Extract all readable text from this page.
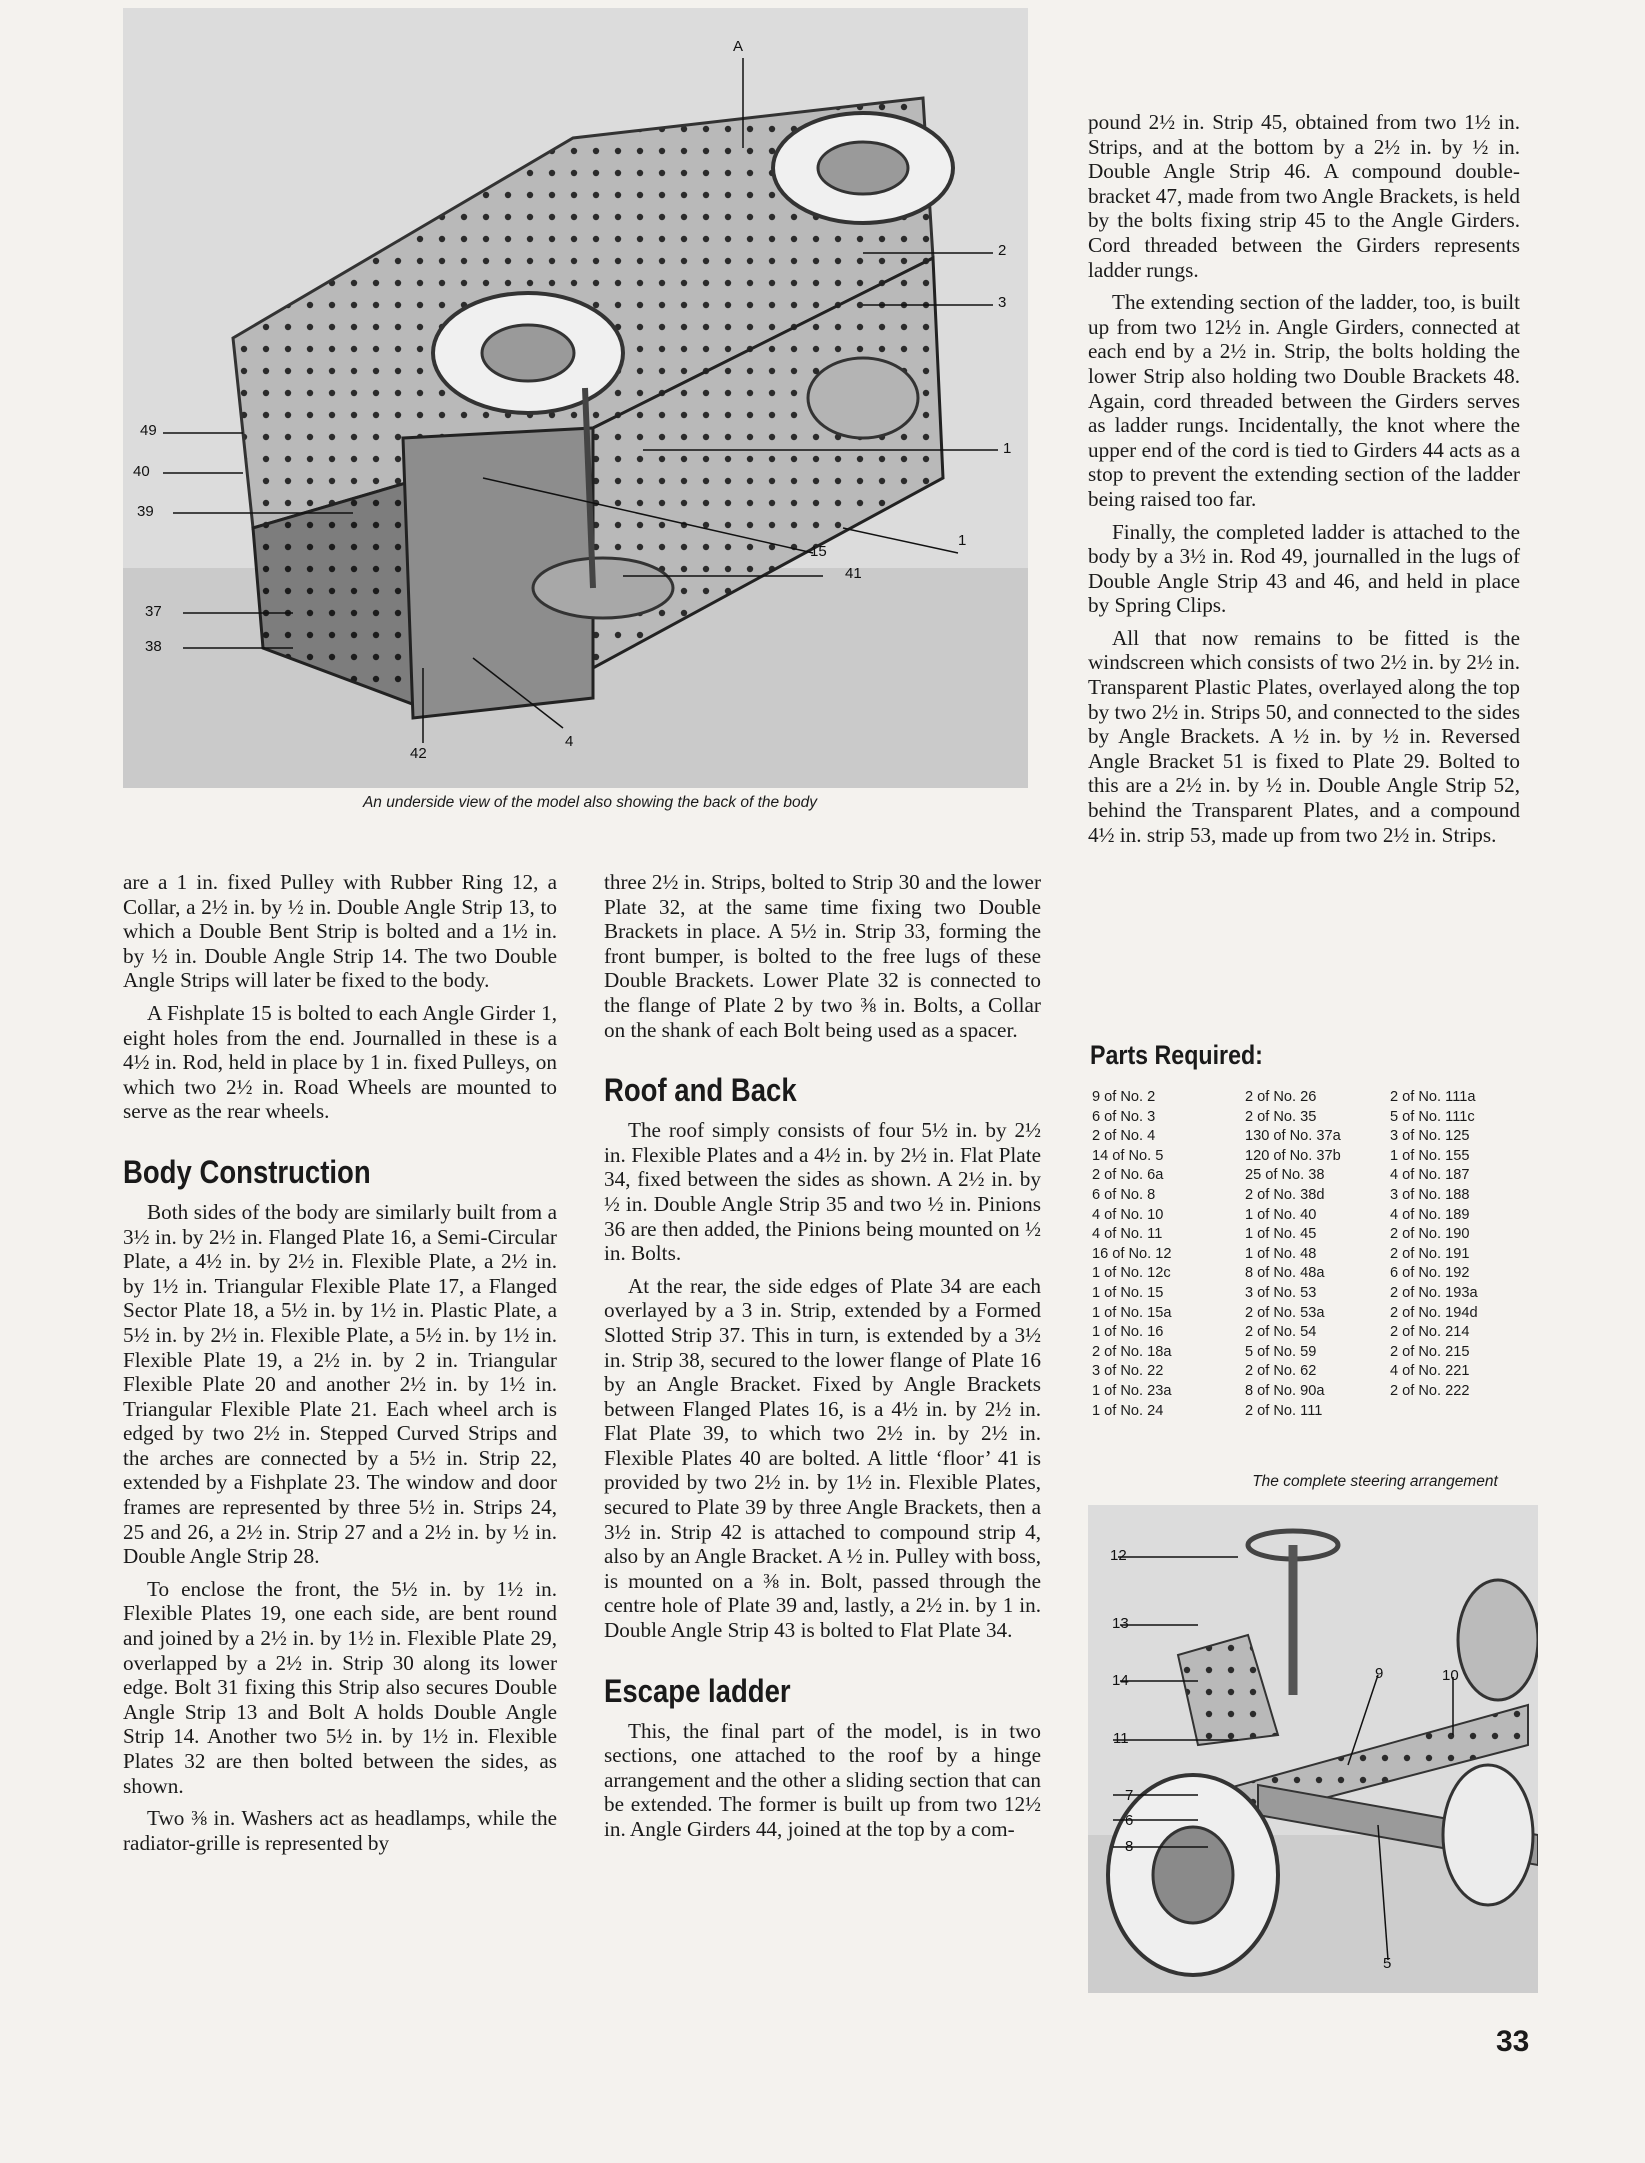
A
2
3
1
1
15
41
49
40
39
37
38
42
4
An underside view of the model also showing the back of the body

are a 1 in. fixed Pulley with Rubber Ring 12, a Collar, a 2½ in. by ½ in. Double Angle Strip 13, to which a Double Bent Strip is bolted and a 1½ in. by ½ in. Double Angle Strip 14. The two Double Angle Strips will later be fixed to the body.

A Fishplate 15 is bolted to each Angle Girder 1, eight holes from the end. Journalled in these is a 4½ in. Rod, held in place by 1 in. fixed Pulleys, on which two 2½ in. Road Wheels are mounted to serve as the rear wheels.

Body Construction

Both sides of the body are similarly built from a 3½ in. by 2½ in. Flanged Plate 16, a Semi-Circular Plate, a 4½ in. by 2½ in. Flexible Plate, a 2½ in. by 1½ in. Triangular Flexible Plate 17, a Flanged Sector Plate 18, a 5½ in. by 1½ in. Plastic Plate, a 5½ in. by 2½ in. Flexible Plate, a 5½ in. by 1½ in. Flexible Plate 19, a 2½ in. by 2 in. Triangular Flexible Plate 20 and another 2½ in. by 1½ in. Triangular Flexible Plate 21. Each wheel arch is edged by two 2½ in. Stepped Curved Strips and the arches are connected by a 5½ in. Strip 22, extended by a Fishplate 23. The window and door frames are represented by three 5½ in. Strips 24, 25 and 26, a 2½ in. Strip 27 and a 2½ in. by ½ in. Double Angle Strip 28.

To enclose the front, the 5½ in. by 1½ in. Flexible Plates 19, one each side, are bent round and joined by a 2½ in. by 1½ in. Flexible Plate 29, overlapped by a 2½ in. Strip 30 along its lower edge. Bolt 31 fixing this Strip also secures Double Angle Strip 13 and Bolt A holds Double Angle Strip 14. Another two 5½ in. by 1½ in. Flexible Plates 32 are then bolted between the sides, as shown.

Two ⅜ in. Washers act as headlamps, while the radiator-grille is represented by

three 2½ in. Strips, bolted to Strip 30 and the lower Plate 32, at the same time fixing two Double Brackets in place. A 5½ in. Strip 33, forming the front bumper, is bolted to the free lugs of these Double Brackets. Lower Plate 32 is connected to the flange of Plate 2 by two ⅜ in. Bolts, a Collar on the shank of each Bolt being used as a spacer.

Roof and Back

The roof simply consists of four 5½ in. by 2½ in. Flexible Plates and a 4½ in. by 2½ in. Flat Plate 34, fixed between the sides as shown. A 2½ in. by ½ in. Double Angle Strip 35 and two ½ in. Pinions 36 are then added, the Pinions being mounted on ½ in. Bolts.

At the rear, the side edges of Plate 34 are each overlayed by a 3 in. Strip, extended by a Formed Slotted Strip 37. This in turn, is extended by a 3½ in. Strip 38, secured to the lower flange of Plate 16 by an Angle Bracket. Fixed by Angle Brackets between Flanged Plates 16, is a 4½ in. by 2½ in. Flat Plate 39, to which two 2½ in. by 2½ in. Flexible Plates 40 are bolted. A little ‘floor’ 41 is provided by two 2½ in. by 1½ in. Flexible Plates, secured to Plate 39 by three Angle Brackets, then a 3½ in. Strip 42 is attached to compound strip 4, also by an Angle Bracket. A ½ in. Pulley with boss, is mounted on a ⅜ in. Bolt, passed through the centre hole of Plate 39 and, lastly, a 2½ in. by 1 in. Double Angle Strip 43 is bolted to Flat Plate 34.

Escape ladder

This, the final part of the model, is in two sections, one attached to the roof by a hinge arrangement and the other a sliding section that can be extended. The former is built up from two 12½ in. Angle Girders 44, joined at the top by a com-

pound 2½ in. Strip 45, obtained from two 1½ in. Strips, and at the bottom by a 2½ in. by ½ in. Double Angle Strip 46. A compound double-bracket 47, made from two Angle Brackets, is held by the bolts fixing strip 45 to the Angle Girders. Cord threaded between the Girders represents ladder rungs.

The extending section of the ladder, too, is built up from two 12½ in. Angle Girders, connected at each end by a 2½ in. Strip, the bolts holding the lower Strip also holding two Double Brackets 48. Again, cord threaded between the Girders serves as ladder rungs. Incidentally, the knot where the upper end of the cord is tied to Girders 44 acts as a stop to prevent the extending section of the ladder being raised too far.

Finally, the completed ladder is attached to the body by a 3½ in. Rod 49, journalled in the lugs of Double Angle Strip 43 and 46, and held in place by Spring Clips.

All that now remains to be fitted is the windscreen which consists of two 2½ in. by 2½ in. Transparent Plastic Plates, overlayed along the top by two 2½ in. Strips 50, and connected to the sides by Angle Brackets. A ½ in. by ½ in. Reversed Angle Bracket 51 is fixed to Plate 29. Bolted to this are a 2½ in. by ½ in. Double Angle Strip 52, behind the Transparent Plates, and a compound 4½ in. strip 53, made up from two 2½ in. Strips.

Parts Required:
9 of No. 2
6 of No. 3
2 of No. 4
14 of No. 5
2 of No. 6a
6 of No. 8
4 of No. 10
4 of No. 11
16 of No. 12
1 of No. 12c
1 of No. 15
1 of No. 15a
1 of No. 16
2 of No. 18a
3 of No. 22
1 of No. 23a
1 of No. 24
2 of No. 26
2 of No. 35
130 of No. 37a
120 of No. 37b
25 of No. 38
2 of No. 38d
1 of No. 40
1 of No. 45
1 of No. 48
8 of No. 48a
3 of No. 53
2 of No. 53a
2 of No. 54
5 of No. 59
2 of No. 62
8 of No. 90a
2 of No. 111
2 of No. 111a
5 of No. 111c
3 of No. 125
1 of No. 155
4 of No. 187
3 of No. 188
4 of No. 189
2 of No. 190
2 of No. 191
6 of No. 192
2 of No. 193a
2 of No. 194d
2 of No. 214
2 of No. 215
4 of No. 221
2 of No. 222
The complete steering arrangement
12
13
14
11
7
6
8
9	10
5
33
